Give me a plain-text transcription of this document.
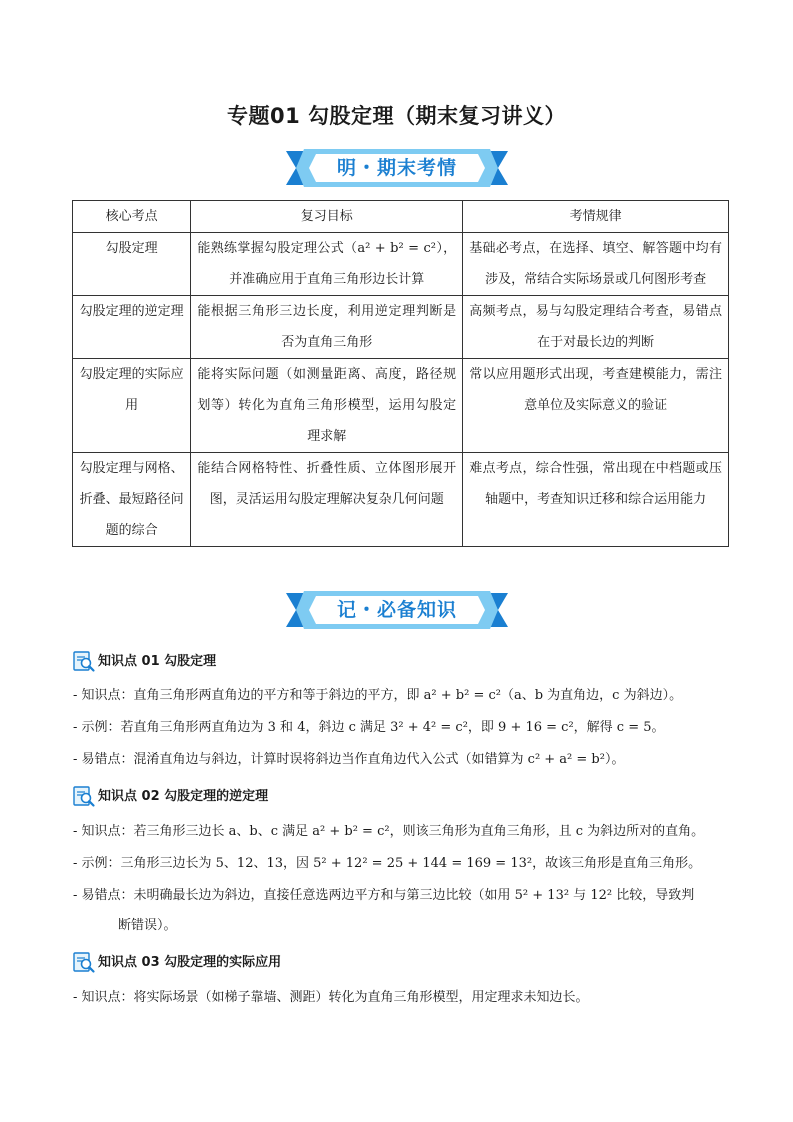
专题01 勾股定理（期末复习讲义）
明・期末考情
核心考点	复习目标	考情规律
勾股定理	能熟练掌握勾股定理公式（a² + b² = c²），并准确应用于直角三角形边长计算	基础必考点，在选择、填空、解答题中均有涉及，常结合实际场景或几何图形考查
勾股定理的逆定理	能根据三角形三边长度，利用逆定理判断是否为直角三角形	高频考点，易与勾股定理结合考查，易错点在于对最长边的判断
勾股定理的实际应用	能将实际问题（如测量距离、高度，路径规划等）转化为直角三角形模型，运用勾股定理求解	常以应用题形式出现，考查建模能力，需注意单位及实际意义的验证
勾股定理与网格、折叠、最短路径问题的综合	能结合网格特性、折叠性质、立体图形展开图，灵活运用勾股定理解决复杂几何问题	难点考点，综合性强，常出现在中档题或压轴题中，考查知识迁移和综合运用能力
记・必备知识
知识点 01 勾股定理
- 知识点：直角三角形两直角边的平方和等于斜边的平方，即 a² + b² = c²（a、b 为直角边，c 为斜边）。
- 示例：若直角三角形两直角边为 3 和 4，斜边 c 满足 3² + 4² = c²，即 9 + 16 = c²，解得 c = 5。
- 易错点：混淆直角边与斜边，计算时误将斜边当作直角边代入公式（如错算为 c² + a² = b²）。
知识点 02 勾股定理的逆定理
- 知识点：若三角形三边长 a、b、c 满足 a² + b² = c²，则该三角形为直角三角形，且 c 为斜边所对的直角。
- 示例：三角形三边长为 5、12、13，因 5² + 12² = 25 + 144 = 169 = 13²，故该三角形是直角三角形。
- 易错点：未明确最长边为斜边，直接任意选两边平方和与第三边比较（如用 5² + 13² 与 12² 比较，导致判
断错误）。
知识点 03 勾股定理的实际应用
- 知识点：将实际场景（如梯子靠墙、测距）转化为直角三角形模型，用定理求未知边长。
